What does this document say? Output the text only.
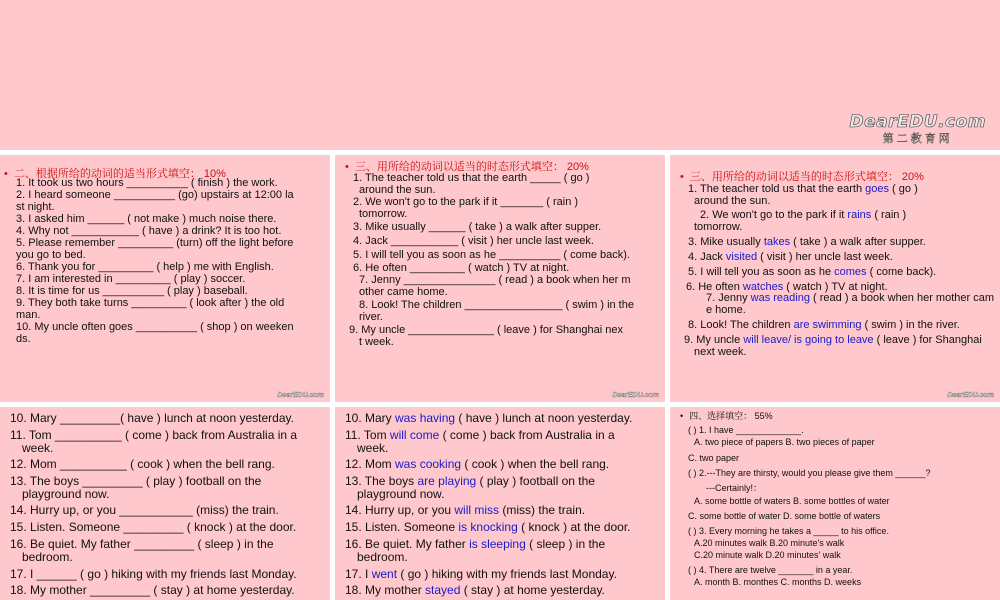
DearEDU.com
第二教育网
• 二、根据所给的动词的适当形式填空： 10%
1. It took us two hours __________ ( finish ) the work.
2. I heard someone __________ (go) upstairs at 12:00 la
st night.
3. I asked him ______ ( not make ) much noise there.
4. Why not ___________ ( have ) a drink? It is too hot.
5. Please remember _________ (turn) off the light before
you go to bed.
6. Thank you for _________ ( help ) me with English.
7. I am interested in _________ ( play ) soccer.
8. It is time for us __________ ( play ) baseball.
9. They both take turns _________ ( look after ) the old
man.
10. My uncle often goes __________ ( shop ) on weeken
ds.
DearEDU.com
• 三、用所给的动词以适当的时态形式填空： 20%
1. The teacher told us that the earth _____ ( go )
around the sun.
2. We won't go to the park if it _______ ( rain )
tomorrow.
3. Mike usually ______ ( take ) a walk after supper.
4. Jack ___________ ( visit ) her uncle last week.
5. I will tell you as soon as he __________ ( come back).
6. He often _________ ( watch ) TV at night.
7. Jenny _______________ ( read ) a book when her m
other came home.
8. Look! The children ________________ ( swim ) in the
river.
9. My uncle ______________ ( leave ) for Shanghai nex
t week.
DearEDU.com
• 三、用所给的动词以适当的时态形式填空： 20%
1. The teacher told us that the earth goes ( go )
around the sun.
2. We won't go to the park if it rains ( rain )
tomorrow.
3. Mike usually takes ( take ) a walk after supper.
4. Jack visited ( visit ) her uncle last week.
5. I will tell you as soon as he comes ( come back).
6. He often watches ( watch ) TV at night.
7. Jenny was reading ( read ) a book when her mother cam
e home.
8. Look! The children are swimming ( swim ) in the river.
9. My uncle will leave/ is going to leave ( leave ) for Shanghai
next week.
DearEDU.com
10. Mary _________( have ) lunch at noon yesterday.
11. Tom __________ ( come ) back from Australia in a
week.
12. Mom __________ ( cook ) when the bell rang.
13. The boys _________ ( play ) football on the
playground now.
14. Hurry up, or you ___________ (miss) the train.
15. Listen. Someone _________ ( knock ) at the door.
16. Be quiet. My father _________ ( sleep ) in the
bedroom.
17. I ______ ( go ) hiking with my friends last Monday.
18. My mother _________ ( stay ) at home yesterday.
10. Mary was having ( have ) lunch at noon yesterday.
11. Tom will come ( come ) back from Australia in a
week.
12. Mom was cooking ( cook ) when the bell rang.
13. The boys are playing ( play ) football on the
playground now.
14. Hurry up, or you will miss (miss) the train.
15. Listen. Someone is knocking ( knock ) at the door.
16. Be quiet. My father is sleeping ( sleep ) in the
bedroom.
17. I went ( go ) hiking with my friends last Monday.
18. My mother stayed ( stay ) at home yesterday.
• 四、选择填空： 55%
( ) 1. I have _____________.
A. two piece of papers B. two pieces of paper
C. two paper
( ) 2.---They are thirsty, would you please give them ______?
---Certainly!：
A. some bottle of waters B. some bottles of water
C. some bottle of water D. some bottle of waters
( ) 3. Every morning he takes a _____ to his office.
A.20 minutes walk B.20 minute's walk
C.20 minute walk D.20 minutes' walk
( ) 4. There are twelve _______ in a year.
A. month B. monthes C. months D. weeks
